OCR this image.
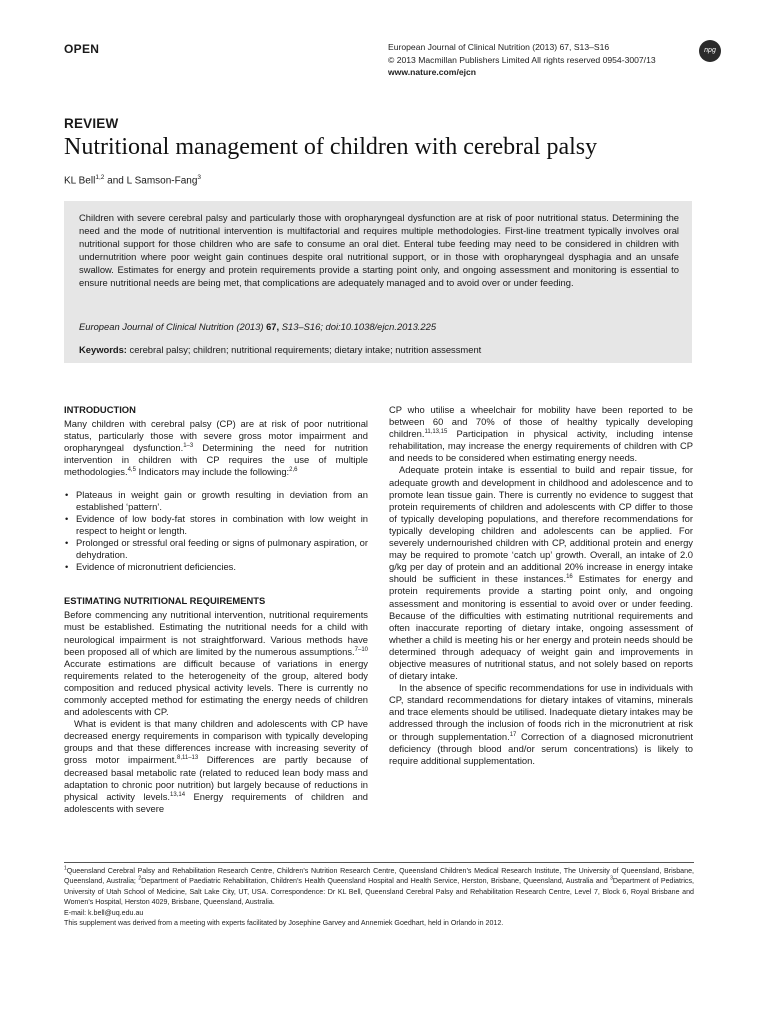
OPEN	European Journal of Clinical Nutrition (2013) 67, S13–S16
© 2013 Macmillan Publishers Limited All rights reserved 0954-3007/13
www.nature.com/ejcn
npg
REVIEW
Nutritional management of children with cerebral palsy
KL Bell$^{1,2}$ and L Samson-Fang$^3$
Children with severe cerebral palsy and particularly those with oropharyngeal dysfunction are at risk of poor nutritional status. Determining the need and the mode of nutritional intervention is multifactorial and requires multiple methodologies. First-line treatment typically involves oral nutritional support for those children who are safe to consume an oral diet. Enteral tube feeding may need to be considered in children with undernutrition where poor weight gain continues despite oral nutritional support, or in those with oropharyngeal dysphagia and an unsafe swallow. Estimates for energy and protein requirements provide a starting point only, and ongoing assessment and monitoring is essential to ensure nutritional needs are being met, that complications are adequately managed and to avoid over or under feeding.
European Journal of Clinical Nutrition (2013) 67, S13–S16; doi:10.1038/ejcn.2013.225
Keywords: cerebral palsy; children; nutritional requirements; dietary intake; nutrition assessment

INTRODUCTION

Many children with cerebral palsy (CP) are at risk of poor nutritional status, particularly those with severe gross motor impairment and oropharyngeal dysfunction.$^{1-3}$ Determining the need for nutrition intervention in children with CP requires the use of multiple methodologies.$^{4,5}$ Indicators may include the following:$^{2,6}$

• Plateaus in weight gain or growth resulting in deviation from an established ‘pattern’.
• Evidence of low body-fat stores in combination with low weight in respect to height or length.
• Prolonged or stressful oral feeding or signs of pulmonary aspiration, or dehydration.
• Evidence of micronutrient deficiencies.

ESTIMATING NUTRITIONAL REQUIREMENTS

Before commencing any nutritional intervention, nutritional requirements must be established. Estimating the nutritional needs for a child with neurological impairment is not straightforward. Various methods have been proposed all of which are limited by the numerous assumptions.$^{7-10}$ Accurate estimations are difficult because of variations in energy requirements related to the heterogeneity of the group, altered body composition and reduced physical activity levels. There is currently no commonly accepted method for estimating the energy needs of children and adolescents with CP.

What is evident is that many children and adolescents with CP have decreased energy requirements in comparison with typically developing groups and that these differences increase with increasing severity of gross motor impairment.$^{8,11-13}$ Differences are partly because of decreased basal metabolic rate (related to reduced lean body mass and adaptation to chronic poor nutrition) but largely because of reductions in physical activity levels.$^{13,14}$ Energy requirements of children and adolescents with severe

CP who utilise a wheelchair for mobility have been reported to be between 60 and 70% of those of healthy typically developing children.$^{11,13,15}$ Participation in physical activity, including intense rehabilitation, may increase the energy requirements of children with CP and needs to be considered when estimating energy needs.

Adequate protein intake is essential to build and repair tissue, for adequate growth and development in childhood and adolescence and to promote lean tissue gain. There is currently no evidence to suggest that protein requirements of children and adolescents with CP differ to those of typically developing populations, and therefore recommendations for typically developing children and adolescents can be applied. For severely undernourished children with CP, additional protein and energy may be required to promote ‘catch up’ growth. Overall, an intake of 2.0 g/kg per day of protein and an additional 20% increase in energy intake should be sufficient in these instances.$^{16}$ Estimates for energy and protein requirements provide a starting point only, and ongoing assessment and monitoring is essential to avoid over or under feeding. Because of the difficulties with estimating nutritional requirements and often inaccurate reporting of dietary intake, ongoing assessment of whether a child is meeting his or her energy and protein needs should be determined through adequacy of weight gain and improvements in objective measures of nutritional status, and not solely based on reports of dietary intake.

In the absence of specific recommendations for use in individuals with CP, standard recommendations for dietary intakes of vitamins, minerals and trace elements should be utilised. Inadequate dietary intakes may be addressed through the inclusion of foods rich in the micronutrient at risk or through supplementation.$^{17}$ Correction of a diagnosed micronutrient deficiency (through blood and/or serum concentrations) is likely to require additional supplementation.

$^1$Queensland Cerebral Palsy and Rehabilitation Research Centre, Children’s Nutrition Research Centre, Queensland Children’s Medical Research Institute, The University of Queensland, Brisbane, Queensland, Australia; $^2$Department of Paediatric Rehabilitation, Children’s Health Queensland Hospital and Health Service, Herston, Brisbane, Queensland, Australia and $^3$Department of Pediatrics, University of Utah School of Medicine, Salt Lake City, UT, USA. Correspondence: Dr KL Bell, Queensland Cerebral Palsy and Rehabilitation Research Centre, Level 7, Block 6, Royal Brisbane and Women’s Hospital, Herston 4029, Brisbane, Queensland, Australia.

E-mail: k.bell@uq.edu.au

This supplement was derived from a meeting with experts facilitated by Josephine Garvey and Annemiek Goedhart, held in Orlando in 2012.
